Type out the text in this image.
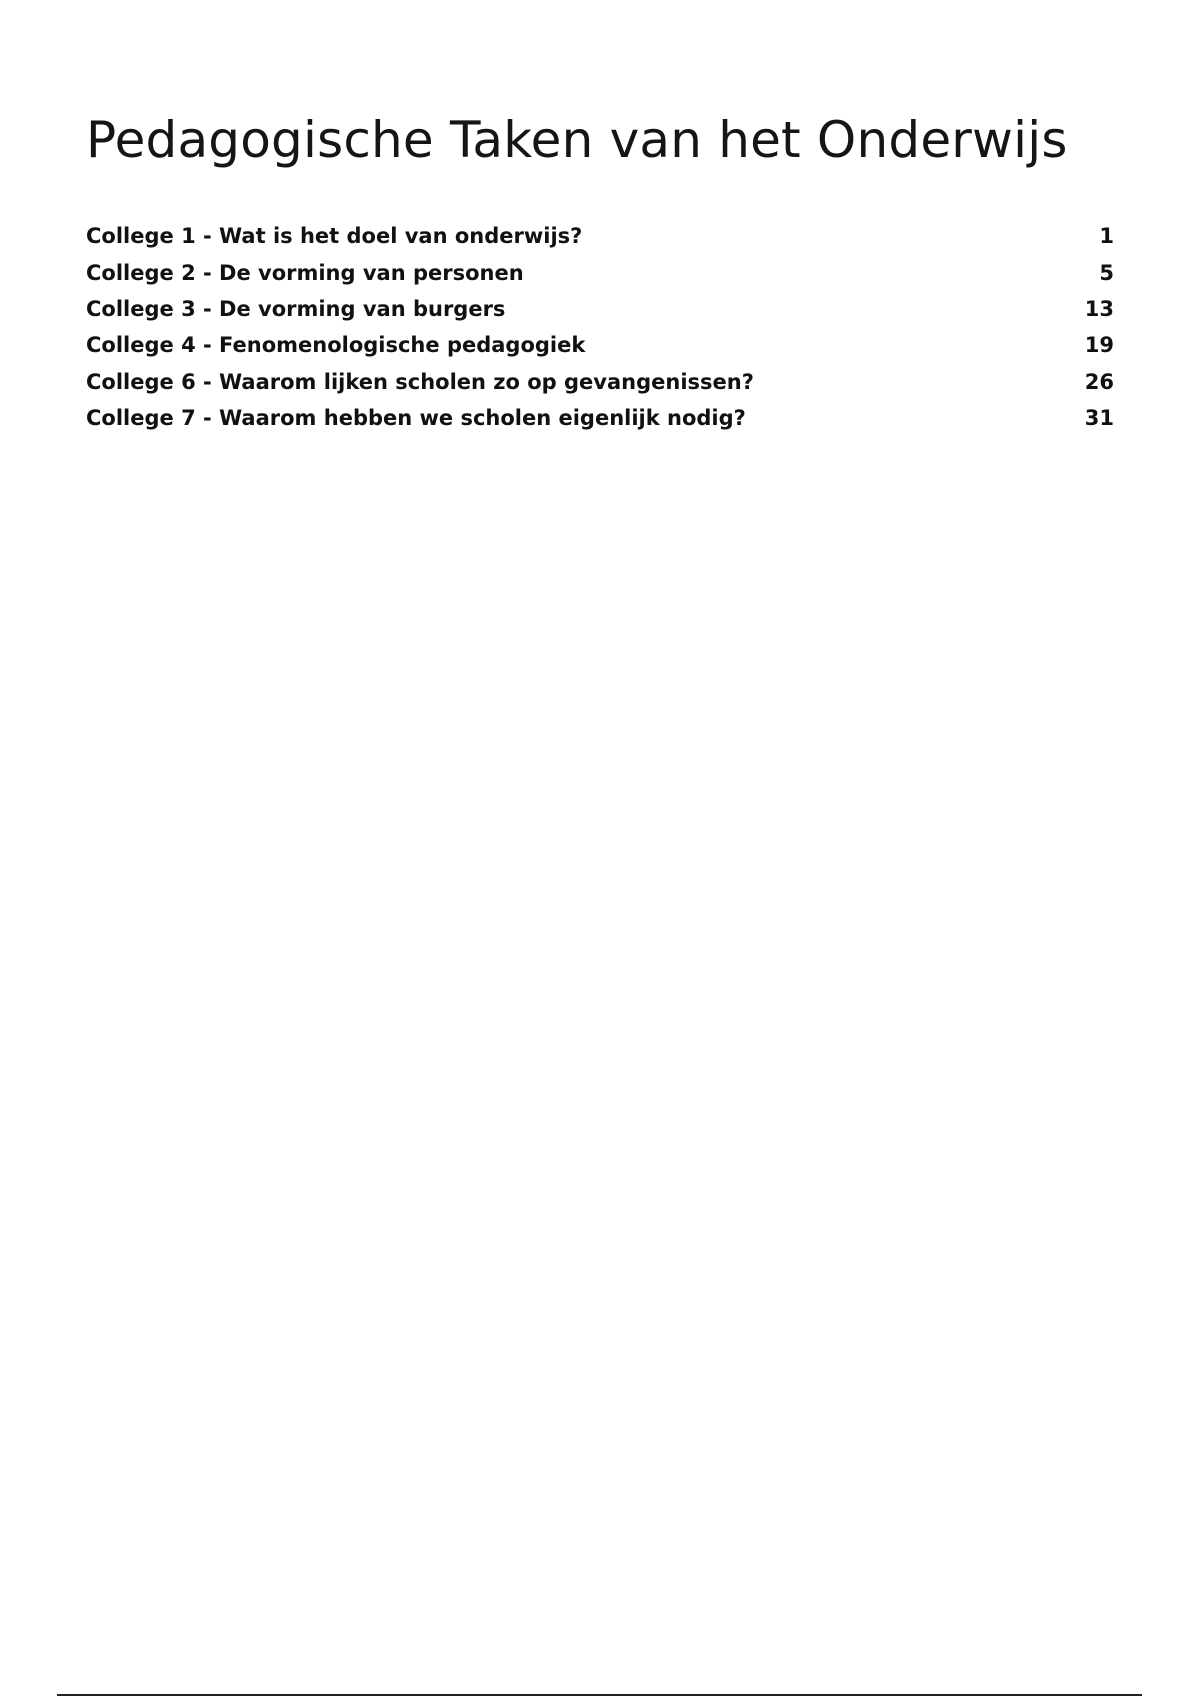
Pedagogische Taken van het Onderwijs
College 1 - Wat is het doel van onderwijs?	1
College 2 - De vorming van personen	5
College 3 - De vorming van burgers	13
College 4 - Fenomenologische pedagogiek	19
College 6 - Waarom lijken scholen zo op gevangenissen?	26
College 7 - Waarom hebben we scholen eigenlijk nodig?	31
